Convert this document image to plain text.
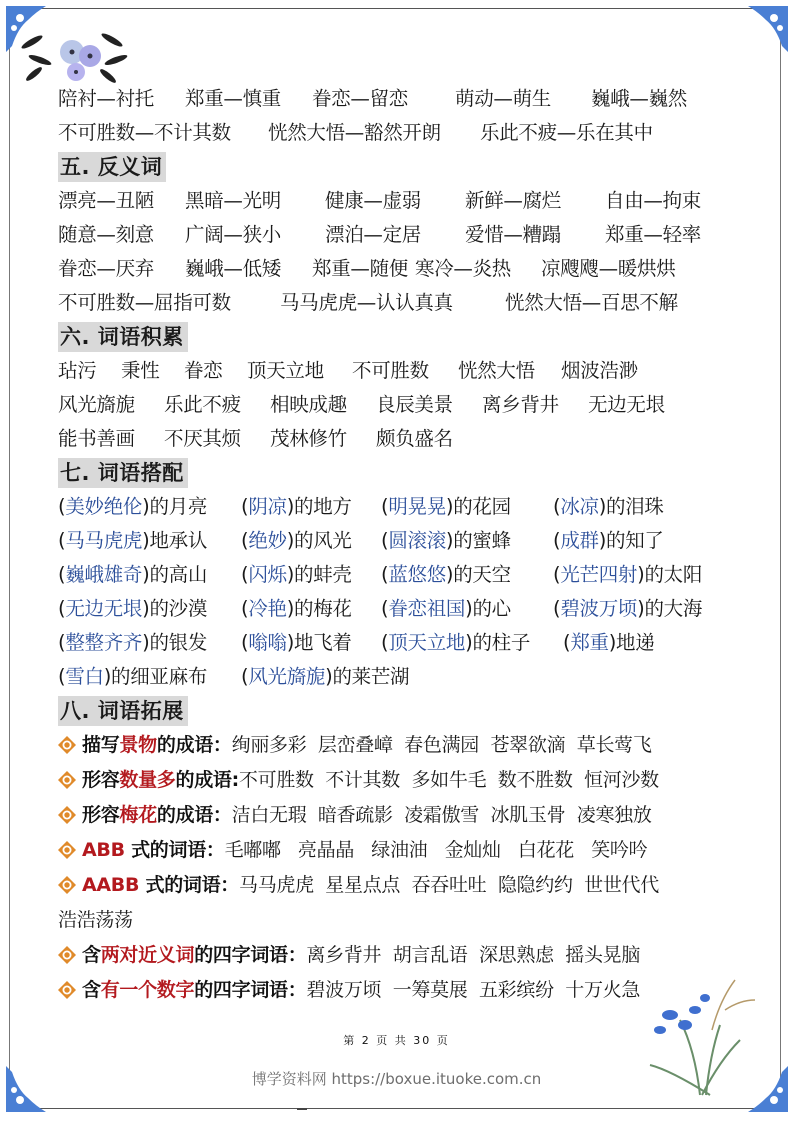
陪衬—衬托 郑重—慎重 眷恋—留恋 萌动—萌生 巍峨—巍然
不可胜数—不计其数 恍然大悟—豁然开朗 乐此不疲—乐在其中
五. 反义词
漂亮—丑陋 黑暗—光明 健康—虚弱 新鲜—腐烂 自由—拘束
随意—刻意 广阔—狭小 漂泊—定居 爱惜—糟蹋 郑重—轻率
眷恋—厌弃 巍峨—低矮 郑重—随便 寒冷—炎热 凉飕飕—暖烘烘
不可胜数—屈指可数	马马虎虎—认认真真	恍然大悟—百思不解
六. 词语积累
玷污 秉性 眷恋 顶天立地 不可胜数 恍然大悟 烟波浩渺
风光旖旎 乐此不疲 相映成趣 良辰美景 离乡背井 无边无垠
能书善画 不厌其烦 茂林修竹 颇负盛名
七. 词语搭配
(美妙绝伦)的月亮 (阴凉)的地方 (明晃晃)的花园 (冰凉)的泪珠
(马马虎虎)地承认 (绝妙)的风光 (圆滚滚)的蜜蜂 (成群)的知了
(巍峨雄奇)的高山 (闪烁)的蚌壳 (蓝悠悠)的天空 (光芒四射)的太阳
(无边无垠)的沙漠 (冷艳)的梅花 (眷恋祖国)的心 (碧波万顷)的大海
(整整齐齐)的银发 (嗡嗡)地飞着 (顶天立地)的柱子 (郑重)地递
(雪白)的细亚麻布 (风光旖旎)的莱芒湖
八. 词语拓展
描写景物的成语：绚丽多彩  层峦叠嶂  春色满园  苍翠欲滴  草长莺飞
形容数量多的成语:不可胜数  不计其数  多如牛毛  数不胜数  恒河沙数
形容梅花的成语：洁白无瑕  暗香疏影  凌霜傲雪  冰肌玉骨  凌寒独放
ABB 式的词语：毛嘟嘟   亮晶晶   绿油油   金灿灿   白花花   笑吟吟
AABB 式的词语：马马虎虎  星星点点  吞吞吐吐  隐隐约约  世世代代
浩浩荡荡
含两对近义词的四字词语：离乡背井  胡言乱语  深思熟虑  摇头晃脑
含有一个数字的四字词语：碧波万顷  一筹莫展  五彩缤纷  十万火急
第 2 页 共 30 页
博学资料网 https://boxue.ituoke.com.cn
